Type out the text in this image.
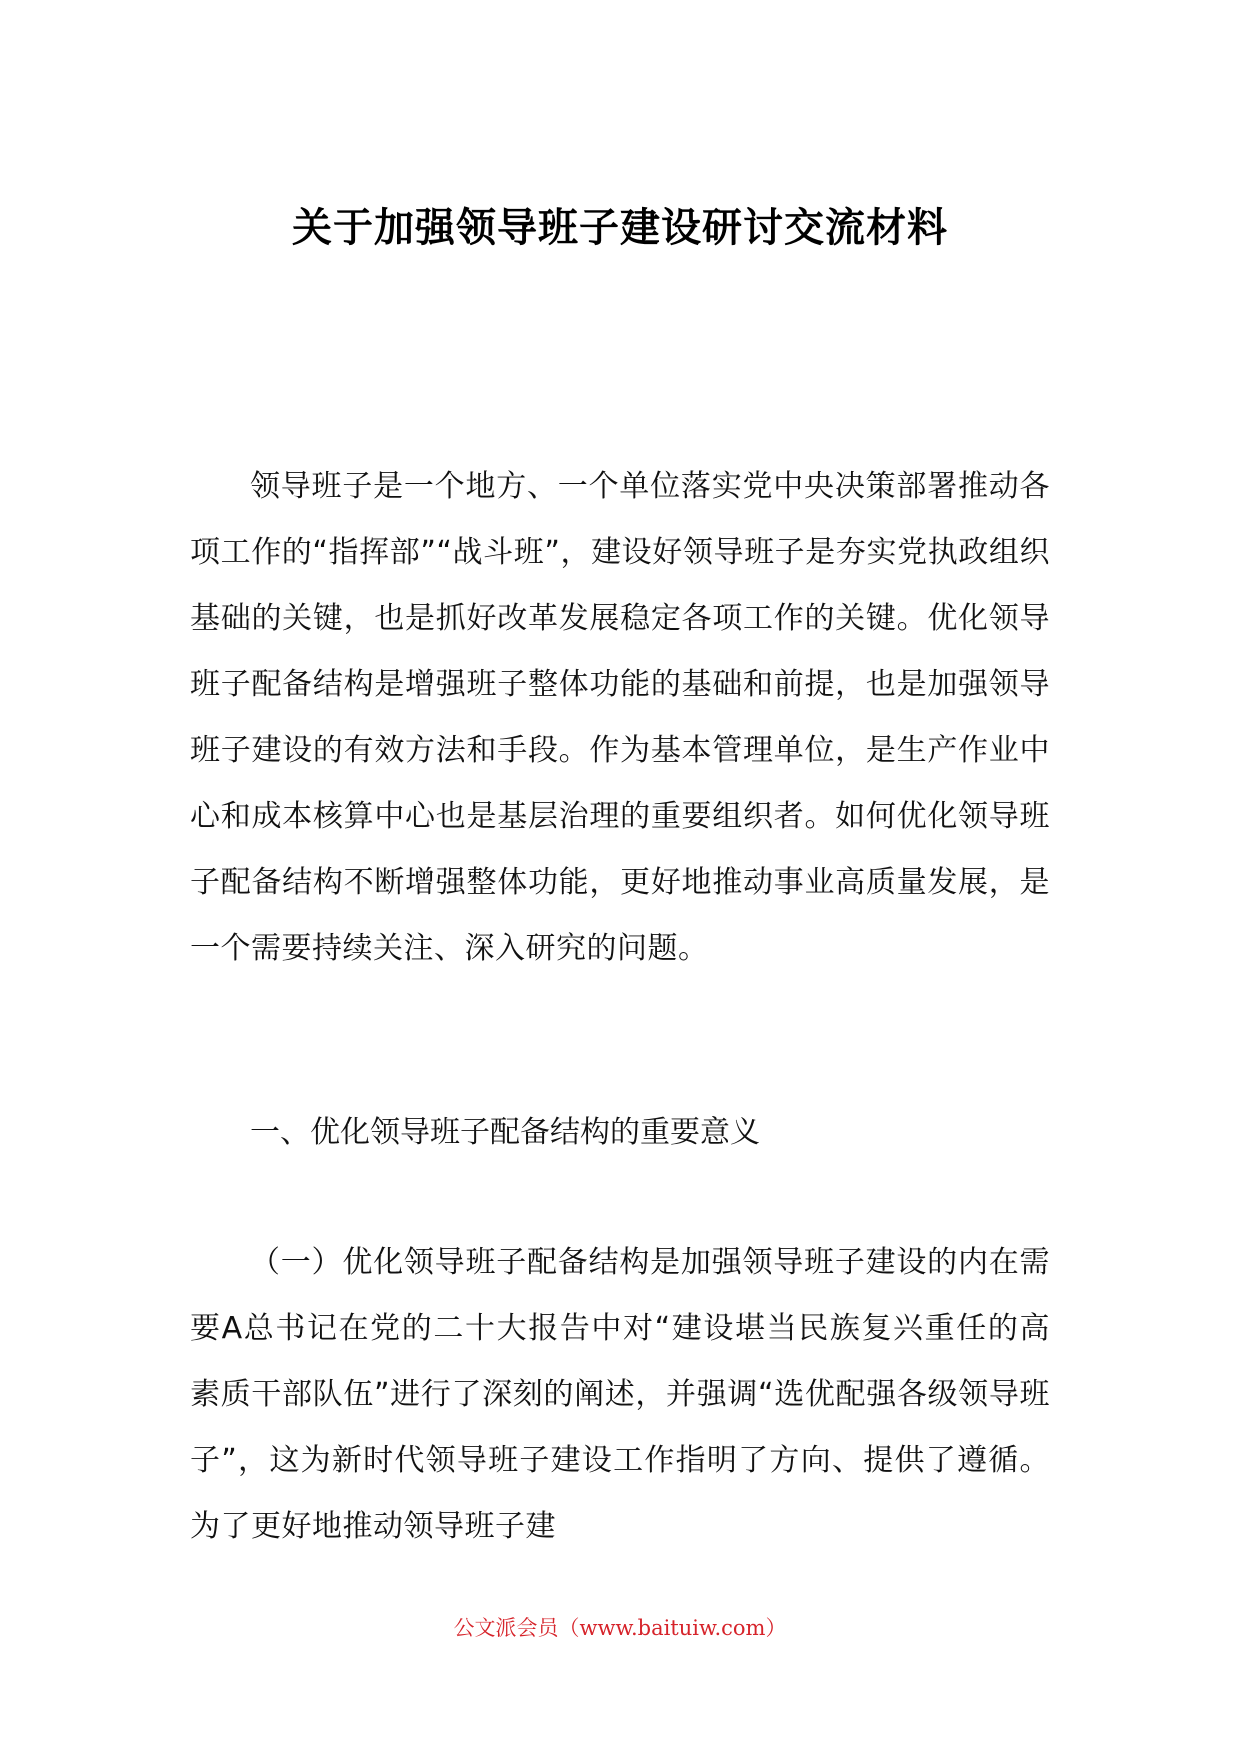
关于加强领导班子建设研讨交流材料

领导班子是一个地方、一个单位落实党中央决策部署推动各项工作的“指挥部”“战斗班”，建设好领导班子是夯实党执政组织基础的关键，也是抓好改革发展稳定各项工作的关键。优化领导班子配备结构是增强班子整体功能的基础和前提，也是加强领导班子建设的有效方法和手段。作为基本管理单位，是生产作业中心和成本核算中心也是基层治理的重要组织者。如何优化领导班子配备结构不断增强整体功能，更好地推动事业高质量发展，是一个需要持续关注、深入研究的问题。

一、优化领导班子配备结构的重要意义

（一）优化领导班子配备结构是加强领导班子建设的内在需要A总书记在党的二十大报告中对“建设堪当民族复兴重任的高素质干部队伍”进行了深刻的阐述，并强调“选优配强各级领导班子”，这为新时代领导班子建设工作指明了方向、提供了遵循。为了更好地推动领导班子建

公文派会员（www.baituiw.com）
